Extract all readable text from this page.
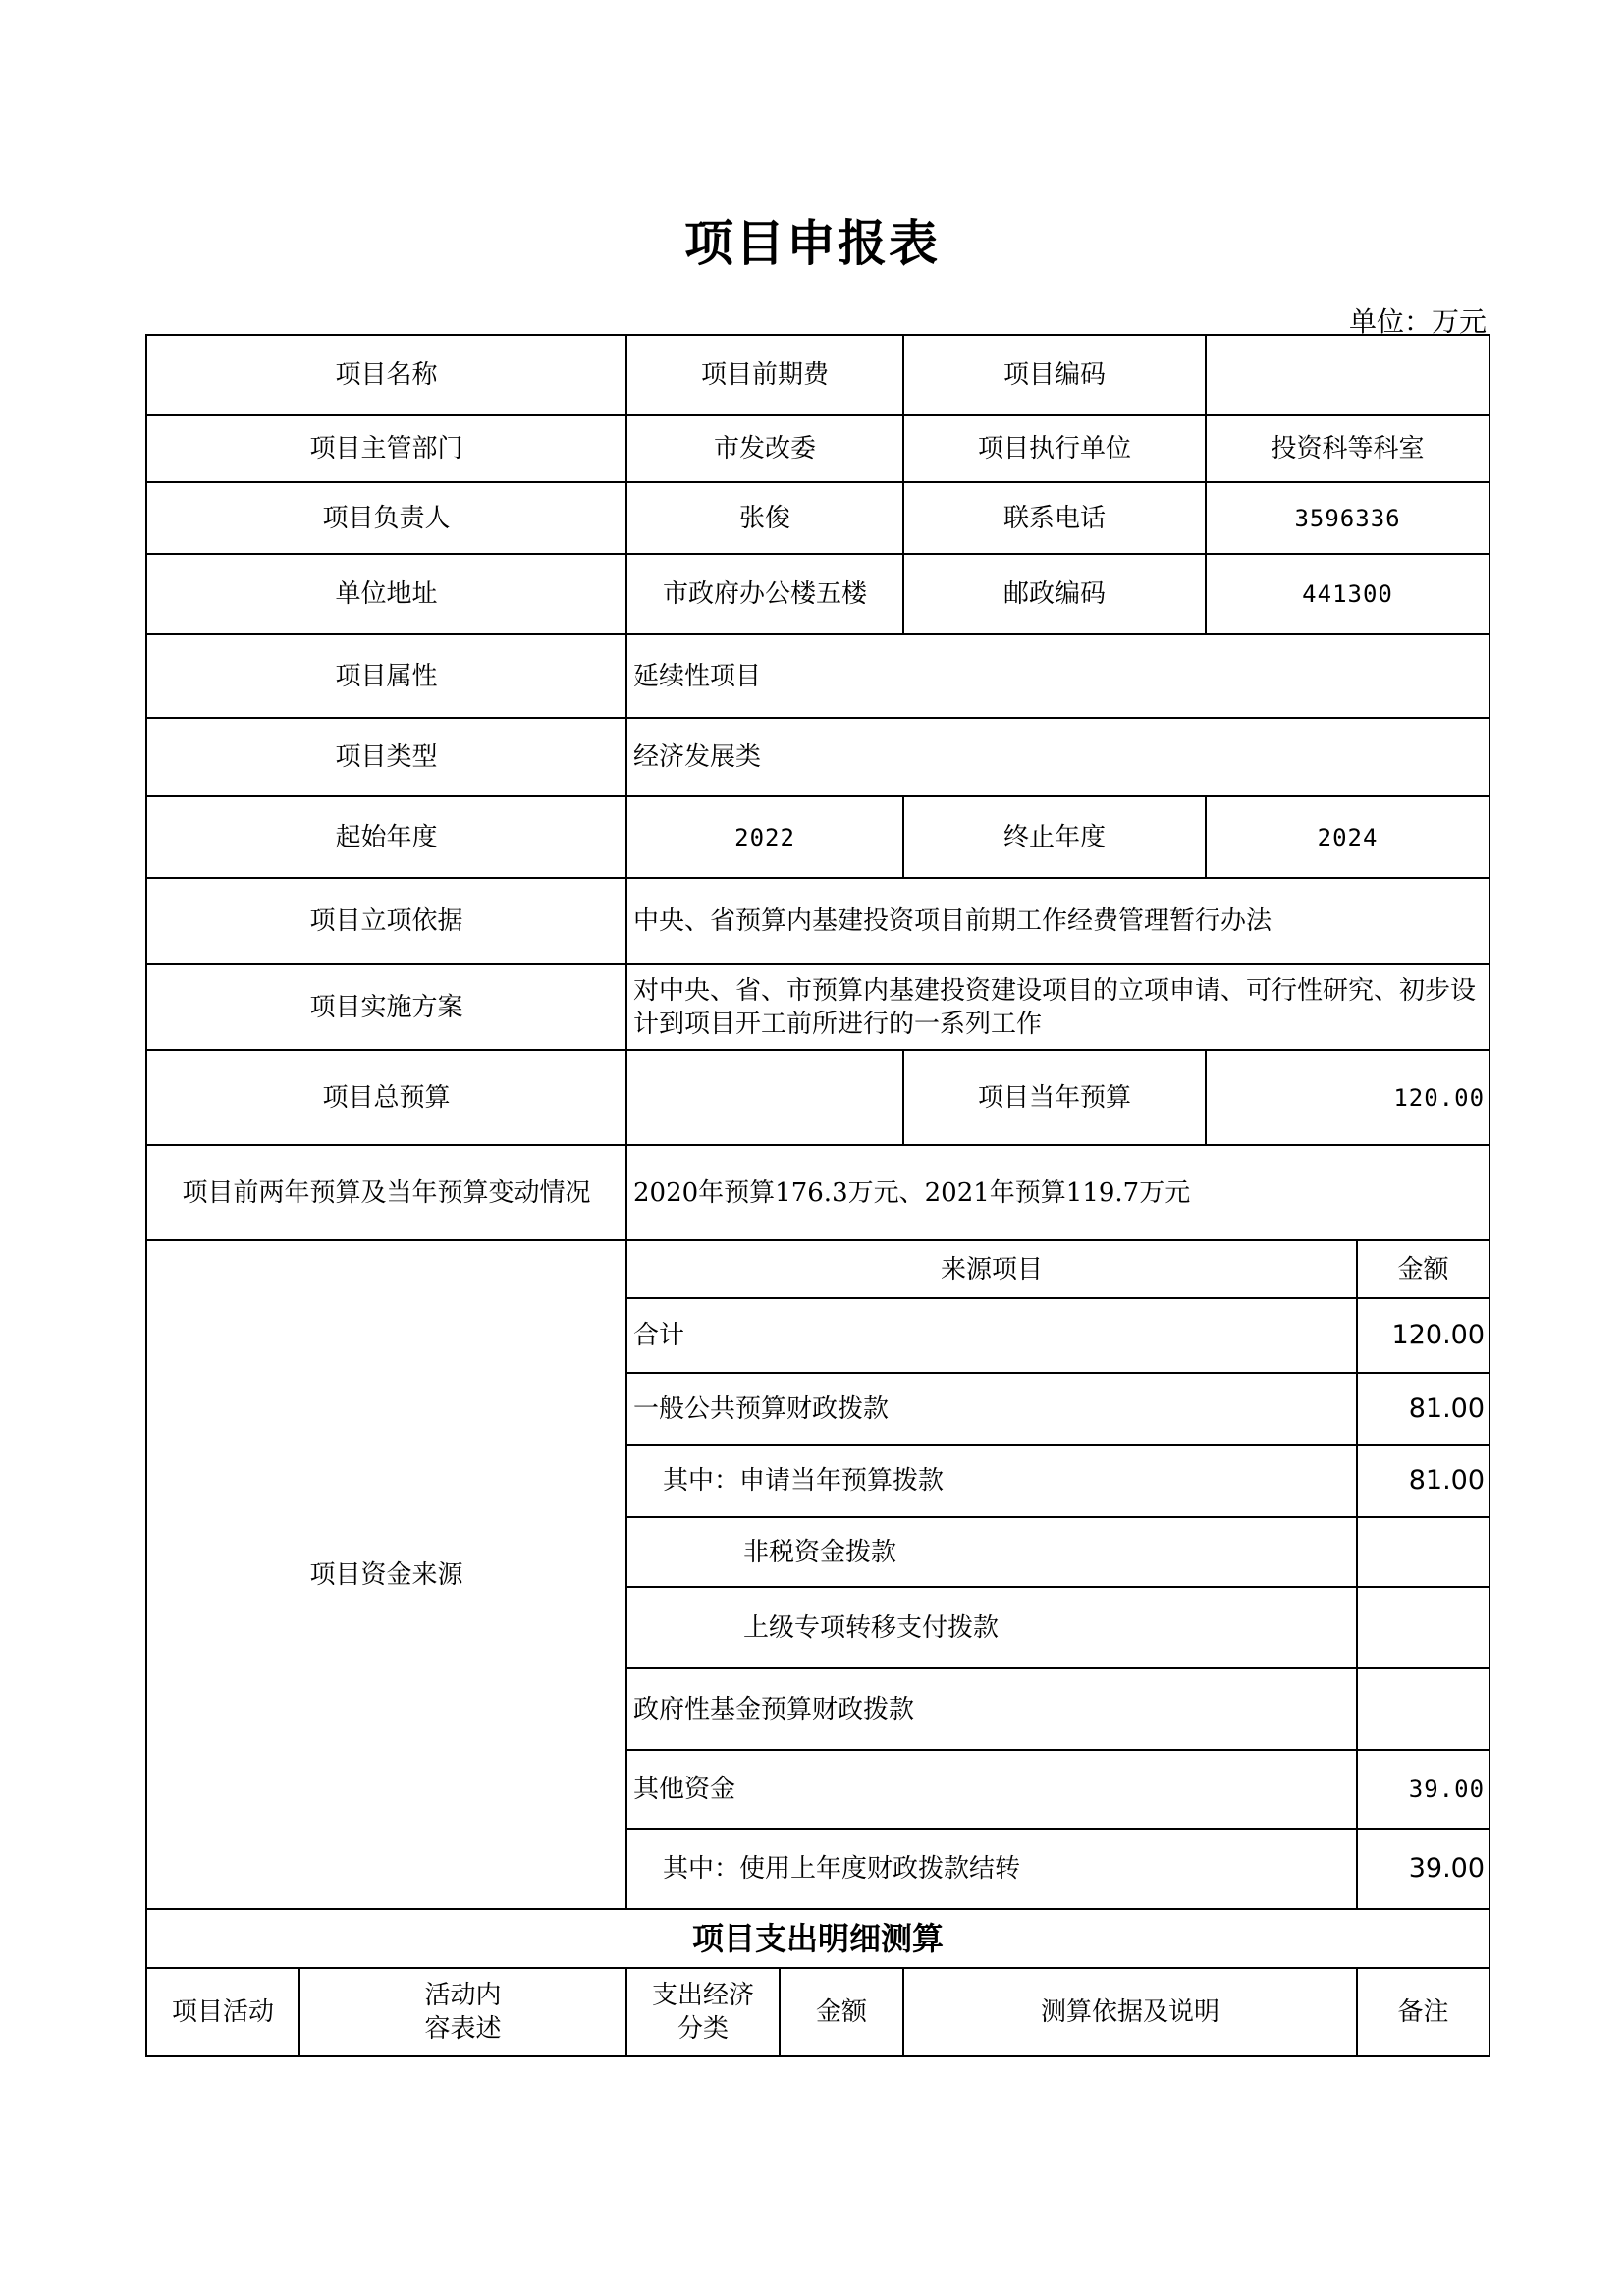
项目申报表
单位：万元
项目名称		项目前期费		项目编码		
项目主管部门		市发改委		项目执行单位	投资科等科室	
项目负责人		张俊		联系电话	3596336	
单位地址		市政府办公楼五楼		邮政编码	441300	
项目属性		延续性项目				
项目类型		经济发展类				
起始年度		2022		终止年度	2024	
项目立项依据		中央、省预算内基建投资项目前期工作经费管理暂行办法				
项目实施方案		对中央、省、市预算内基建投资建设项目的立项申请、可行性研究、初步设计到项目开工前所进行的一系列工作				
项目总预算				项目当年预算	120.00	
项目前两年预算及当年预算变动情况		2020年预算176.3万元、2021年预算119.7万元				
项目资金来源		来源项目				金额
		合计				120.00
		一般公共预算财政拨款				81.00
		其中：申请当年预算拨款				81.00
		非税资金拨款				
		上级专项转移支付拨款				
		政府性基金预算财政拨款				
		其他资金				39.00
		其中：使用上年度财政拨款结转				39.00
项目支出明细测算						
项目活动	活动内容表述	支出经济分类	金额	测算依据及说明		备注
